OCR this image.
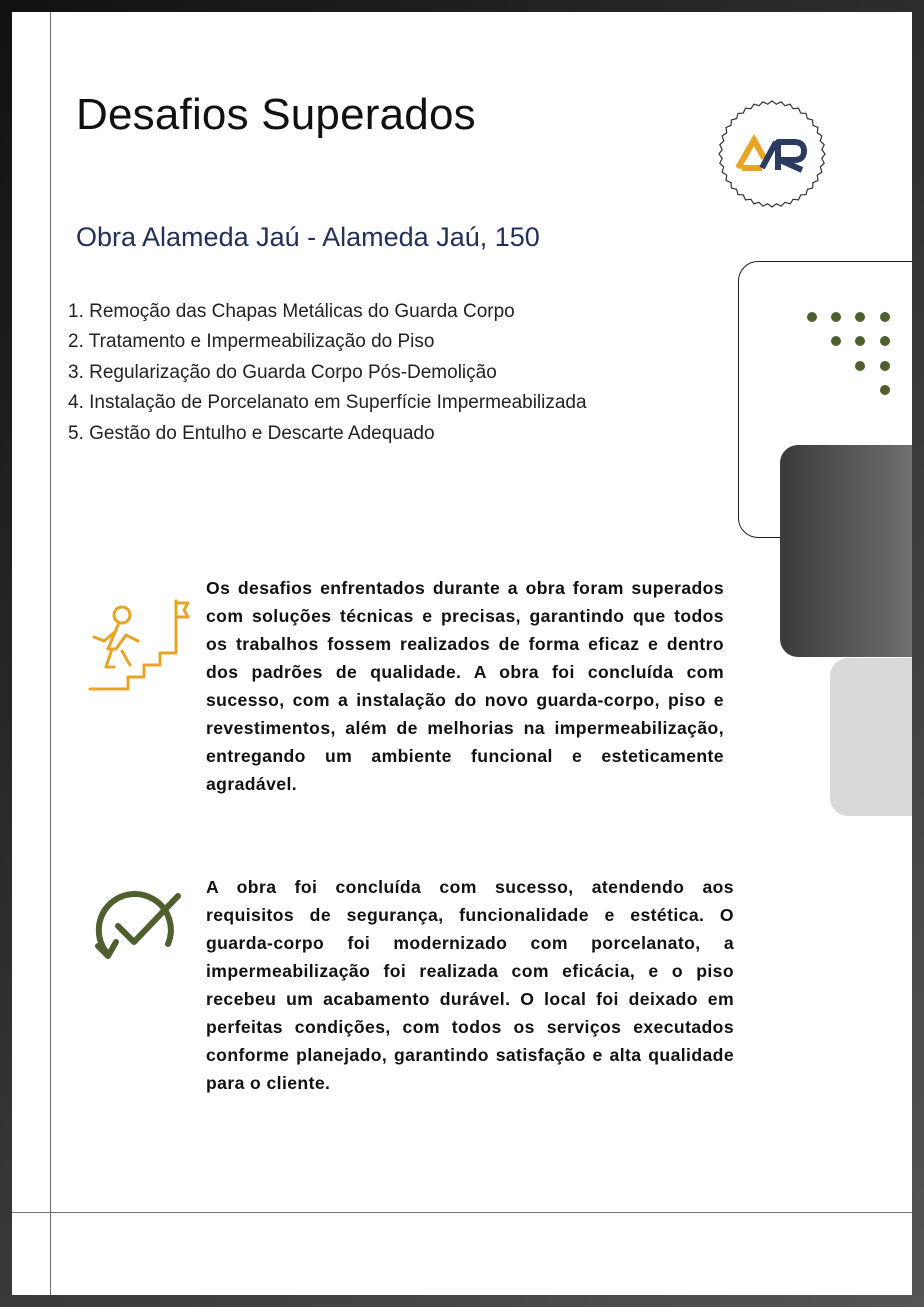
Desafios Superados
Obra Alameda Jaú - Alameda Jaú, 150
1. Remoção das Chapas Metálicas do Guarda Corpo
2. Tratamento e Impermeabilização do Piso
3. Regularização do Guarda Corpo Pós-Demolição
4. Instalação de Porcelanato em Superfície Impermeabilizada
5. Gestão do Entulho e Descarte Adequado

Os desafios enfrentados durante a obra foram superados com soluções técnicas e precisas, garantindo que todos os trabalhos fossem realizados de forma eficaz e dentro dos padrões de qualidade. A obra foi concluída com sucesso, com a instalação do novo guarda-corpo, piso e revestimentos, além de melhorias na impermeabilização, entregando um ambiente funcional e esteticamente agradável.

A obra foi concluída com sucesso, atendendo aos requisitos de segurança, funcionalidade e estética. O guarda-corpo foi modernizado com porcelanato, a impermeabilização foi realizada com eficácia, e o piso recebeu um acabamento durável. O local foi deixado em perfeitas condições, com todos os serviços executados conforme planejado, garantindo satisfação e alta qualidade para o cliente.
